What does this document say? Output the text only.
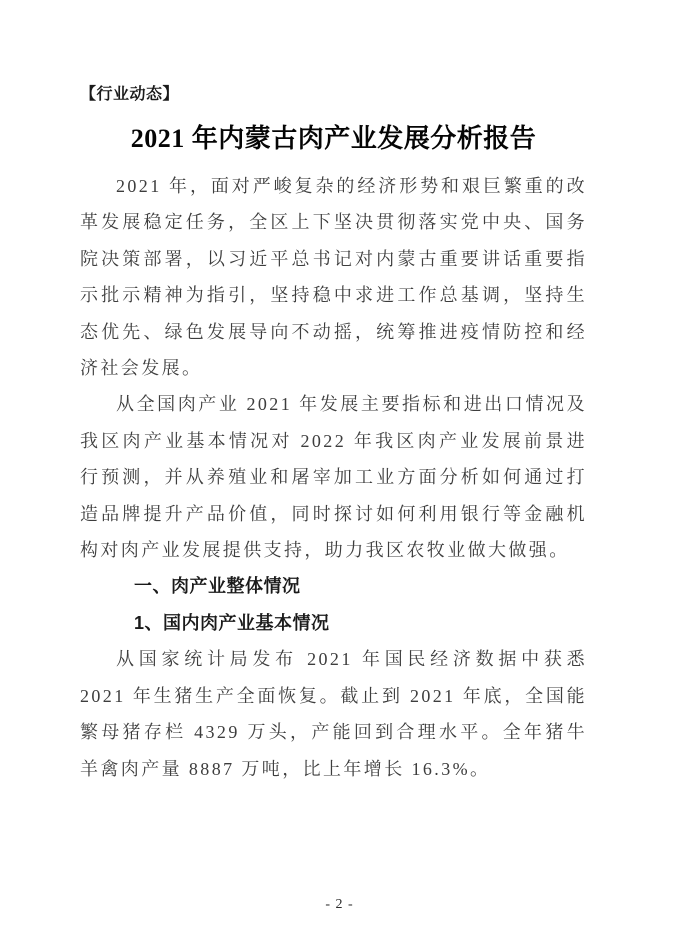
【行业动态】
2021 年内蒙古肉产业发展分析报告

2021 年，面对严峻复杂的经济形势和艰巨繁重的改革发展稳定任务，全区上下坚决贯彻落实党中央、国务院决策部署，以习近平总书记对内蒙古重要讲话重要指示批示精神为指引，坚持稳中求进工作总基调，坚持生态优先、绿色发展导向不动摇，统筹推进疫情防控和经济社会发展。

从全国肉产业 2021 年发展主要指标和进出口情况及我区肉产业基本情况对 2022 年我区肉产业发展前景进行预测，并从养殖业和屠宰加工业方面分析如何通过打造品牌提升产品价值，同时探讨如何利用银行等金融机构对肉产业发展提供支持，助力我区农牧业做大做强。

一、肉产业整体情况
1、国内肉产业基本情况

从国家统计局发布 2021 年国民经济数据中获悉 2021 年生猪生产全面恢复。截止到 2021 年底，全国能繁母猪存栏 4329 万头，产能回到合理水平。全年猪牛羊禽肉产量 8887 万吨，比上年增长 16.3%。

- 2 -
